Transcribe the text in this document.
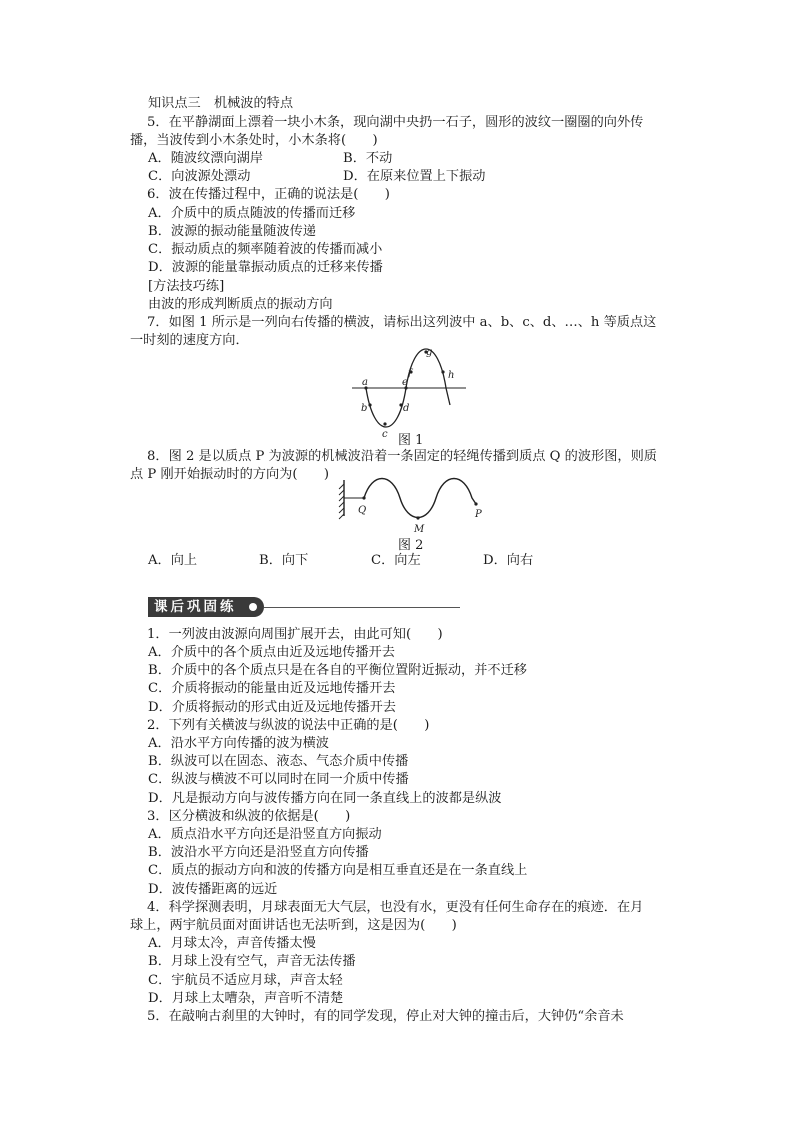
知识点三　机械波的特点
5．在平静湖面上漂着一块小木条，现向湖中央扔一石子，圆形的波纹一圈圈的向外传
播，当波传到小木条处时，小木条将(　　)
A．随波纹漂向湖岸	B．不动
C．向波源处漂动	D．在原来位置上下振动
6．波在传播过程中，正确的说法是(　　)
A．介质中的质点随波的传播而迁移
B．波源的振动能量随波传递
C．振动质点的频率随着波的传播而减小
D．波源的能量靠振动质点的迁移来传播
[方法技巧练]
由波的形成判断质点的振动方向
7．如图 1 所示是一列向右传播的横波，请标出这列波中 a、b、c、d、…、h 等质点这
一时刻的速度方向．
a
b
c
d
e
f
g
h
图 1
8．图 2 是以质点 P 为波源的机械波沿着一条固定的轻绳传播到质点 Q 的波形图，则质
点 P 刚开始振动时的方向为(　　)
Q
M
P
图 2
A．向上	B．向下	C．向左	D．向右
课后巩固练
1．一列波由波源向周围扩展开去，由此可知(　　)
A．介质中的各个质点由近及远地传播开去
B．介质中的各个质点只是在各自的平衡位置附近振动，并不迁移
C．介质将振动的能量由近及远地传播开去
D．介质将振动的形式由近及远地传播开去
2．下列有关横波与纵波的说法中正确的是(　　)
A．沿水平方向传播的波为横波
B．纵波可以在固态、液态、气态介质中传播
C．纵波与横波不可以同时在同一介质中传播
D．凡是振动方向与波传播方向在同一条直线上的波都是纵波
3．区分横波和纵波的依据是(　　)
A．质点沿水平方向还是沿竖直方向振动
B．波沿水平方向还是沿竖直方向传播
C．质点的振动方向和波的传播方向是相互垂直还是在一条直线上
D．波传播距离的远近
4．科学探测表明，月球表面无大气层，也没有水，更没有任何生命存在的痕迹．在月
球上，两宇航员面对面讲话也无法听到，这是因为(　　)
A．月球太冷，声音传播太慢
B．月球上没有空气，声音无法传播
C．宇航员不适应月球，声音太轻
D．月球上太嘈杂，声音听不清楚
5．在敲响古刹里的大钟时，有的同学发现，停止对大钟的撞击后，大钟仍“余音未
